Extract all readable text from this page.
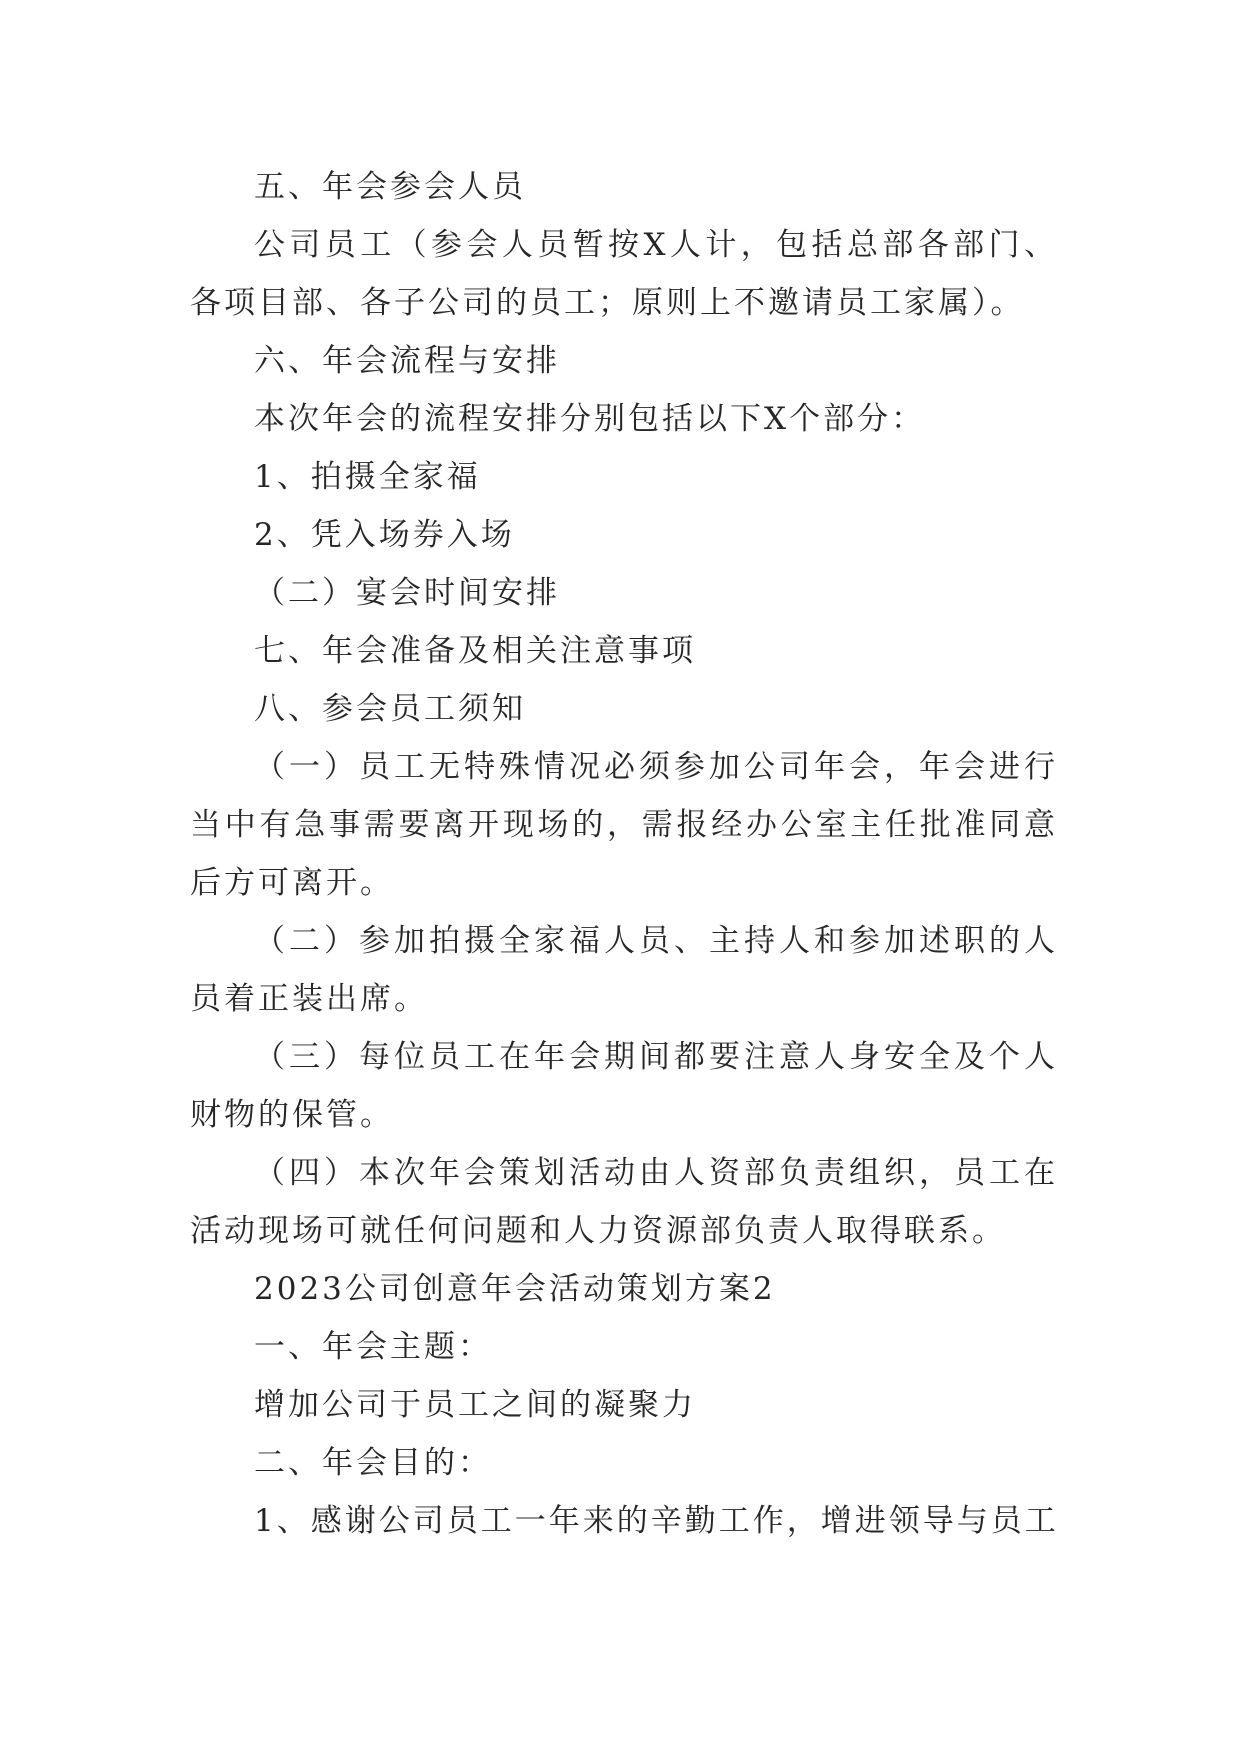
五、年会参会人员

公司员工（参会人员暂按X人计，包括总部各部门、各项目部、各子公司的员工；原则上不邀请员工家属）。

六、年会流程与安排

本次年会的流程安排分别包括以下X个部分：

1、拍摄全家福

2、凭入场券入场

（二）宴会时间安排

七、年会准备及相关注意事项

八、参会员工须知

（一）员工无特殊情况必须参加公司年会，年会进行当中有急事需要离开现场的，需报经办公室主任批准同意后方可离开。

（二）参加拍摄全家福人员、主持人和参加述职的人员着正装出席。

（三）每位员工在年会期间都要注意人身安全及个人财物的保管。

（四）本次年会策划活动由人资部负责组织，员工在活动现场可就任何问题和人力资源部负责人取得联系。

2023公司创意年会活动策划方案2

一、年会主题：

增加公司于员工之间的凝聚力

二、年会目的：

1、感谢公司员工一年来的辛勤工作，增进领导与员工
